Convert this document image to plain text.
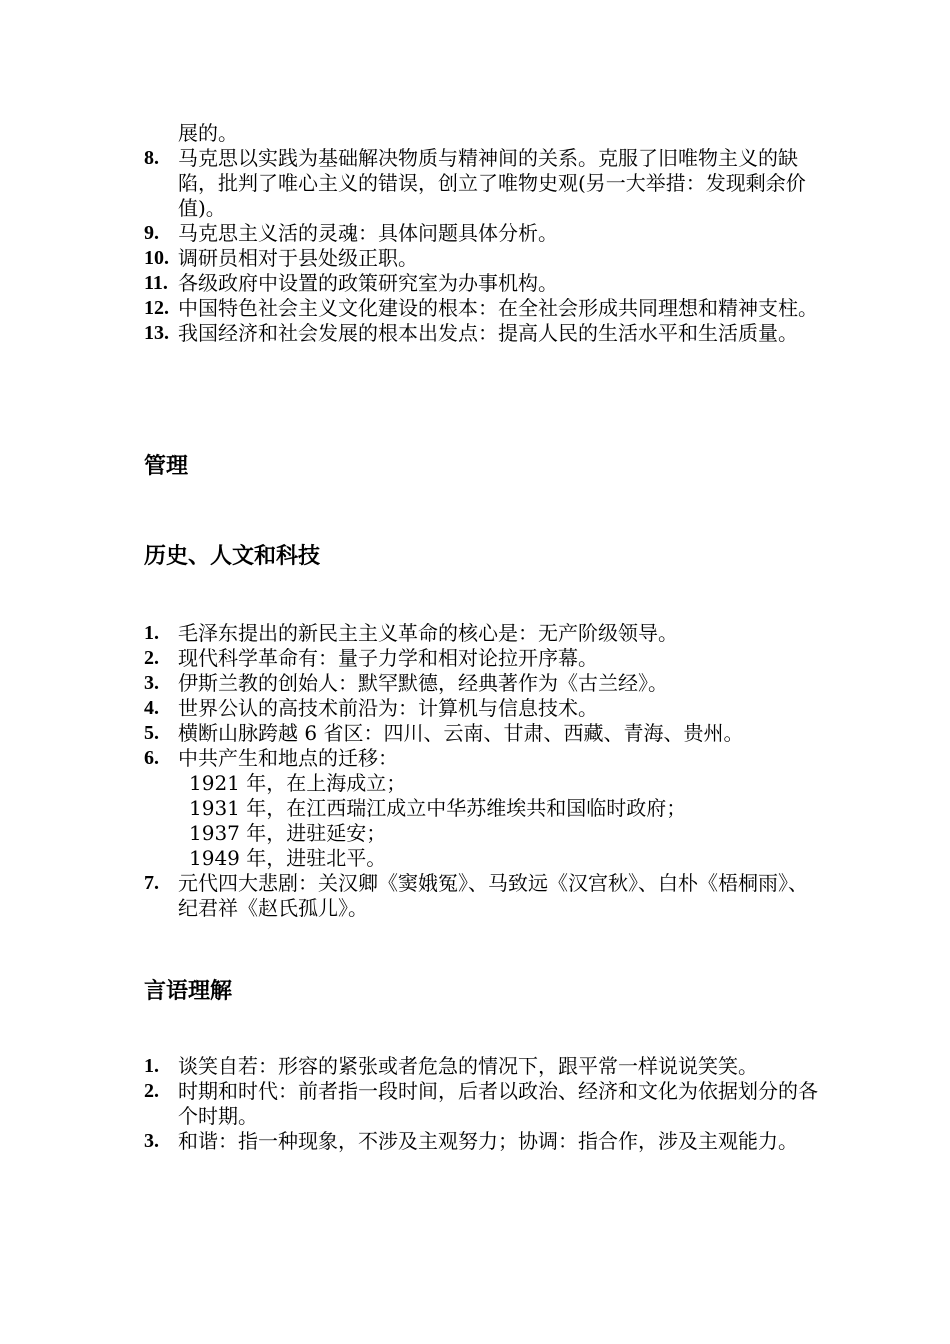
展的。
8. 马克思以实践为基础解决物质与精神间的关系。克服了旧唯物主义的缺陷，批判了唯心主义的错误，创立了唯物史观(另一大举措：发现剩余价值)。
9. 马克思主义活的灵魂：具体问题具体分析。
10. 调研员相对于县处级正职。
11. 各级政府中设置的政策研究室为办事机构。
12. 中国特色社会主义文化建设的根本：在全社会形成共同理想和精神支柱。
13. 我国经济和社会发展的根本出发点：提高人民的生活水平和生活质量。
管理
历史、人文和科技
1. 毛泽东提出的新民主主义革命的核心是：无产阶级领导。
2. 现代科学革命有：量子力学和相对论拉开序幕。
3. 伊斯兰教的创始人：默罕默德，经典著作为《古兰经》。
4. 世界公认的高技术前沿为：计算机与信息技术。
5. 横断山脉跨越 6 省区：四川、云南、甘肃、西藏、青海、贵州。
6. 中共产生和地点的迁移：
1921 年，在上海成立；
1931 年，在江西瑞江成立中华苏维埃共和国临时政府；
1937 年，进驻延安；
1949 年，进驻北平。
7. 元代四大悲剧：关汉卿《窦娥冤》、马致远《汉宫秋》、白朴《梧桐雨》、纪君祥《赵氏孤儿》。
言语理解
1. 谈笑自若：形容的紧张或者危急的情况下，跟平常一样说说笑笑。
2. 时期和时代：前者指一段时间，后者以政治、经济和文化为依据划分的各个时期。
3. 和谐：指一种现象，不涉及主观努力；协调：指合作，涉及主观能力。
